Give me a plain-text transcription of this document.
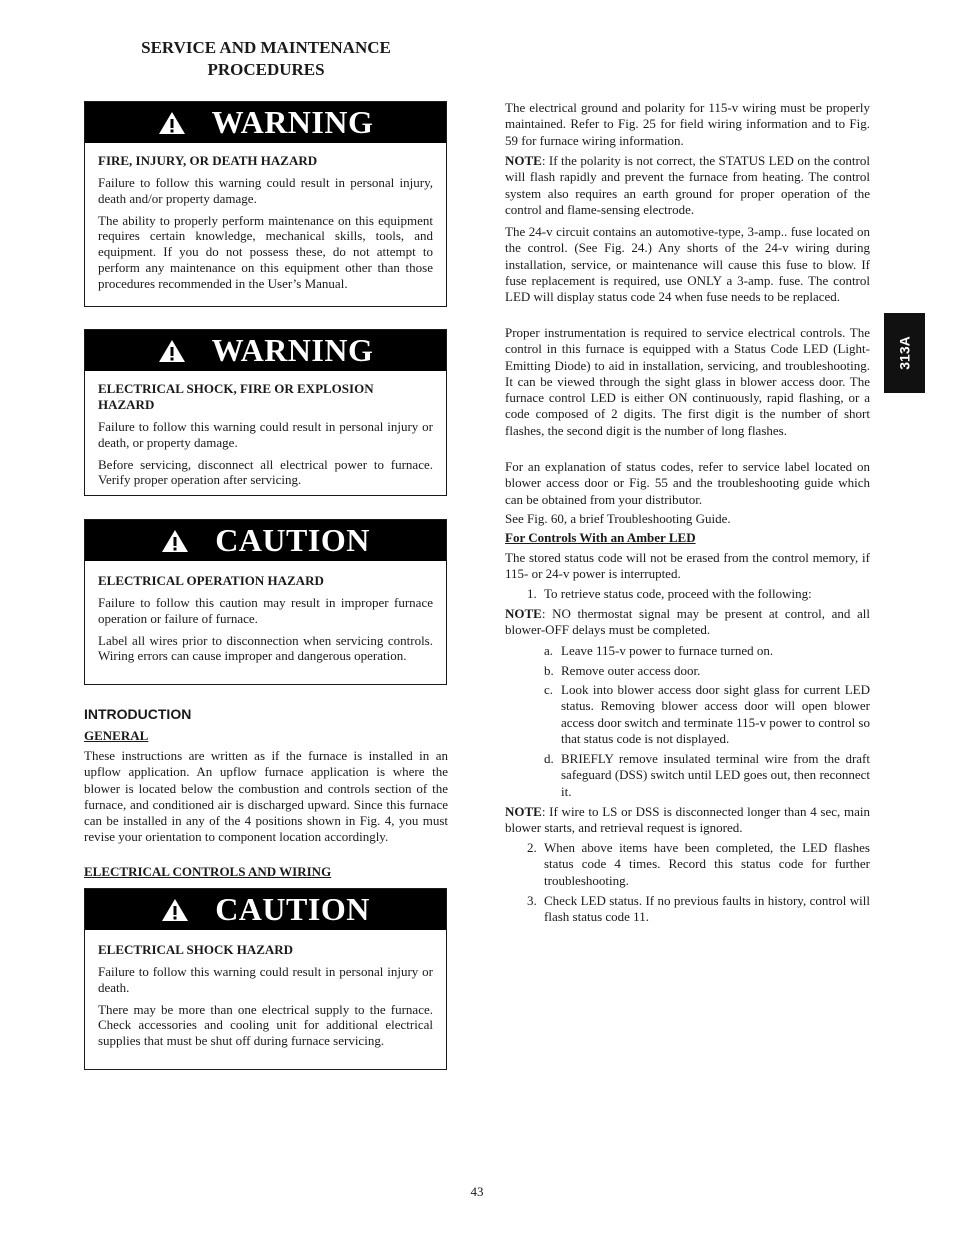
SERVICE AND MAINTENANCE
PROCEDURES
WARNING
FIRE, INJURY, OR DEATH HAZARD

Failure to follow this warning could result in personal injury, death and/or property damage.

The ability to properly perform maintenance on this equipment requires certain knowledge, mechanical skills, tools, and equipment. If you do not possess these, do not attempt to perform any maintenance on this equipment other than those procedures recommended in the User’s Manual.

WARNING
ELECTRICAL SHOCK, FIRE OR EXPLOSION HAZARD

Failure to follow this warning could result in personal injury or death, or property damage.

Before servicing, disconnect all electrical power to furnace. Verify proper operation after servicing.

CAUTION
ELECTRICAL OPERATION HAZARD

Failure to follow this caution may result in improper furnace operation or failure of furnace.

Label all wires prior to disconnection when servicing controls. Wiring errors can cause improper and dangerous operation.

INTRODUCTION
GENERAL

These instructions are written as if the furnace is installed in an upflow application. An upflow furnace application is where the blower is located below the combustion and controls section of the furnace, and conditioned air is discharged upward. Since this furnace can be installed in any of the 4 positions shown in Fig. 4, you must revise your orientation to component location accordingly.

ELECTRICAL CONTROLS AND WIRING
CAUTION
ELECTRICAL SHOCK HAZARD

Failure to follow this warning could result in personal injury or death.

There may be more than one electrical supply to the furnace. Check accessories and cooling unit for additional electrical supplies that must be shut off during furnace servicing.

The electrical ground and polarity for 115-v wiring must be properly maintained. Refer to Fig. 25 for field wiring information and to Fig. 59 for furnace wiring information.

NOTE: If the polarity is not correct, the STATUS LED on the control will flash rapidly and prevent the furnace from heating. The control system also requires an earth ground for proper operation of the control and flame-sensing electrode.

The 24-v circuit contains an automotive-type, 3-amp.. fuse located on the control. (See Fig. 24.) Any shorts of the 24-v wiring during installation, service, or maintenance will cause this fuse to blow. If fuse replacement is required, use ONLY a 3-amp. fuse. The control LED will display status code 24 when fuse needs to be replaced.

Proper instrumentation is required to service electrical controls. The control in this furnace is equipped with a Status Code LED (Light-Emitting Diode) to aid in installation, servicing, and troubleshooting. It can be viewed through the sight glass in blower access door. The furnace control LED is either ON continuously, rapid flashing, or a code composed of 2 digits. The first digit is the number of short flashes, the second digit is the number of long flashes.

For an explanation of status codes, refer to service label located on blower access door or Fig. 55 and the troubleshooting guide which can be obtained from your distributor.

See Fig. 60, a brief Troubleshooting Guide.

For Controls With an Amber LED

The stored status code will not be erased from the control memory, if 115- or 24-v power is interrupted.

1. To retrieve status code, proceed with the following:

NOTE: NO thermostat signal may be present at control, and all blower-OFF delays must be completed.

a. Leave 115-v power to furnace turned on.
b. Remove outer access door.
c. Look into blower access door sight glass for current LED status. Removing blower access door will open blower access door switch and terminate 115-v power to control so that status code is not displayed.
d. BRIEFLY remove insulated terminal wire from the draft safeguard (DSS) switch until LED goes out, then reconnect it.

NOTE: If wire to LS or DSS is disconnected longer than 4 sec, main blower starts, and retrieval request is ignored.

2. When above items have been completed, the LED flashes status code 4 times. Record this status code for further troubleshooting.
3. Check LED status. If no previous faults in history, control will flash status code 11.
313A
43
